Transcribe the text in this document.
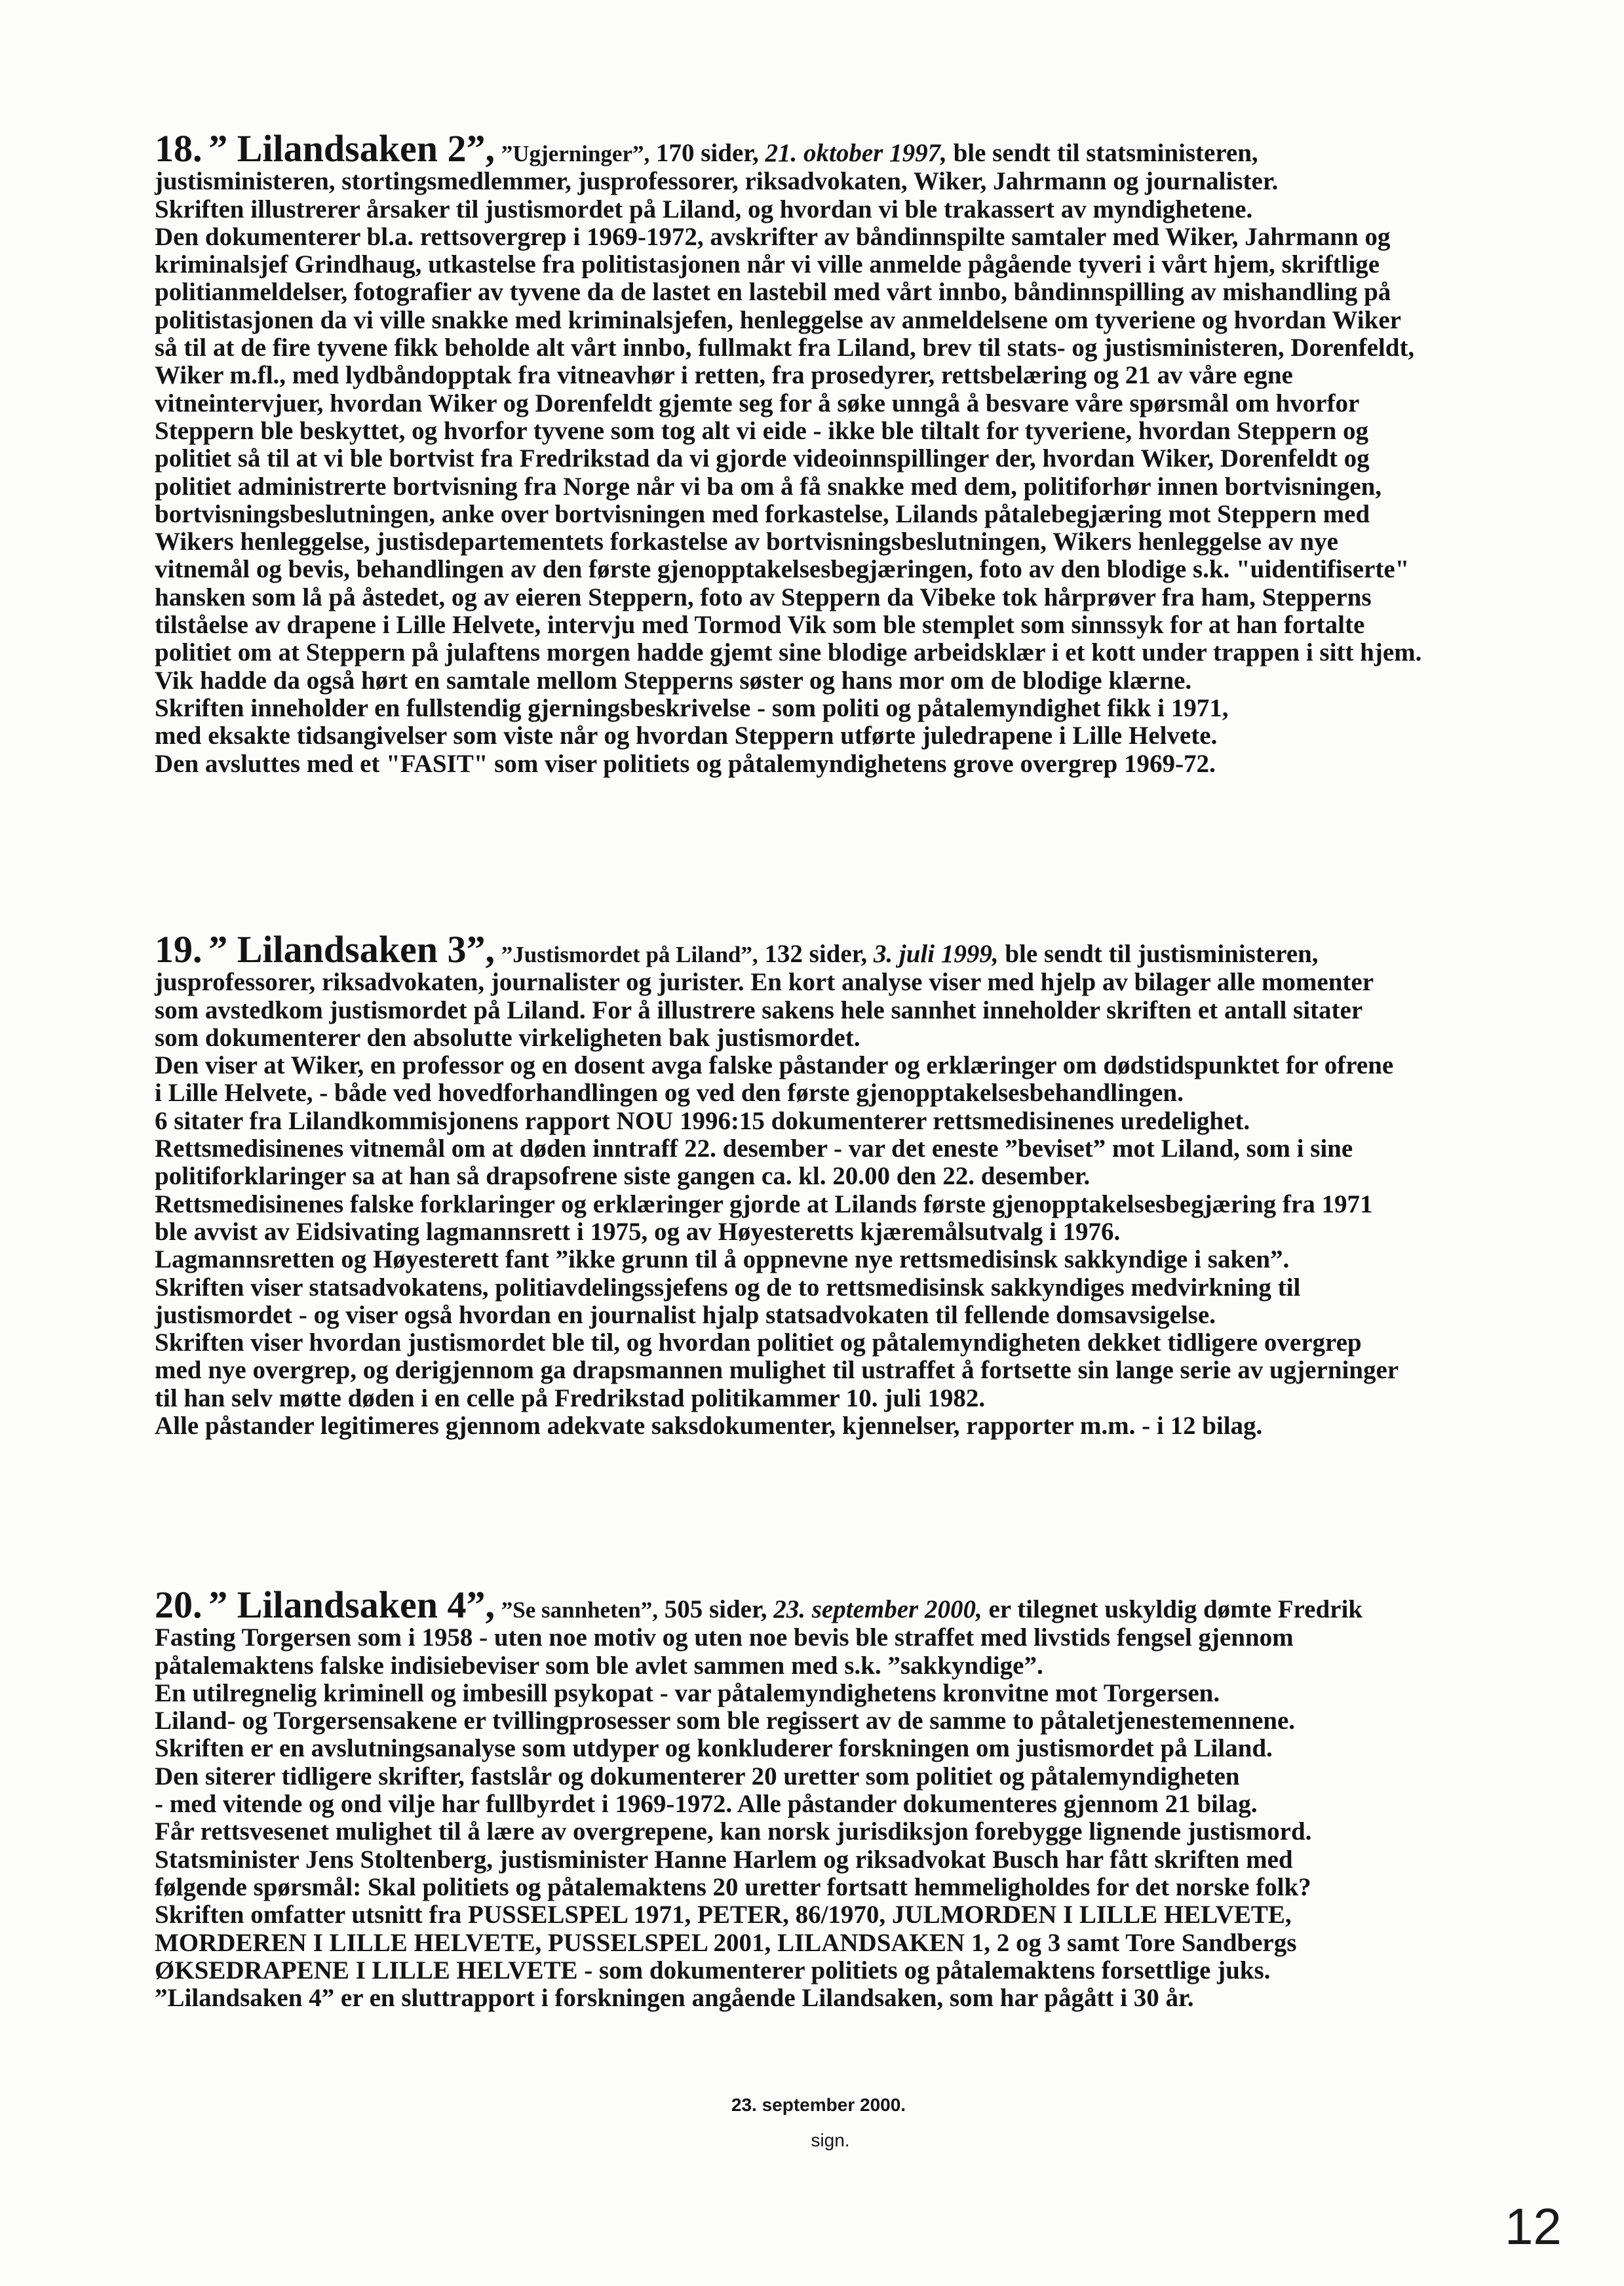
18. ” Lilandsaken 2”, ”Ugjerninger”, 170 sider, 21. oktober 1997, ble sendt til statsministeren,
justisministeren, stortingsmedlemmer, jusprofessorer, riksadvokaten, Wiker, Jahrmann og journalister.
Skriften illustrerer årsaker til justismordet på Liland, og hvordan vi ble trakassert av myndighetene.
Den dokumenterer bl.a. rettsovergrep i 1969-1972, avskrifter av båndinnspilte samtaler med Wiker, Jahrmann og
kriminalsjef Grindhaug, utkastelse fra politistasjonen når vi ville anmelde pågående tyveri i vårt hjem, skriftlige
politianmeldelser, fotografier av tyvene da de lastet en lastebil med vårt innbo, båndinnspilling av mishandling på
politistasjonen da vi ville snakke med kriminalsjefen, henleggelse av anmeldelsene om tyveriene og hvordan Wiker
så til at de fire tyvene fikk beholde alt vårt innbo, fullmakt fra Liland, brev til stats- og justisministeren, Dorenfeldt,
Wiker m.fl., med lydbåndopptak fra vitneavhør i retten, fra prosedyrer, rettsbelæring og 21 av våre egne
vitneintervjuer, hvordan Wiker og Dorenfeldt gjemte seg for å søke unngå å besvare våre spørsmål om hvorfor
Steppern ble beskyttet, og hvorfor tyvene som tog alt vi eide - ikke ble tiltalt for tyveriene, hvordan Steppern og
politiet så til at vi ble bortvist fra Fredrikstad da vi gjorde videoinnspillinger der, hvordan Wiker, Dorenfeldt og
politiet administrerte bortvisning fra Norge når vi ba om å få snakke med dem, politiforhør innen bortvisningen,
bortvisningsbeslutningen, anke over bortvisningen med forkastelse, Lilands påtalebegjæring mot Steppern med
Wikers henleggelse, justisdepartementets forkastelse av bortvisningsbeslutningen, Wikers henleggelse av nye
vitnemål og bevis, behandlingen av den første gjenopptakelsesbegjæringen, foto av den blodige s.k. "uidentifiserte"
hansken som lå på åstedet, og av eieren Steppern, foto av Steppern da Vibeke tok hårprøver fra ham, Stepperns
tilståelse av drapene i Lille Helvete, intervju med Tormod Vik som ble stemplet som sinnssyk for at han fortalte
politiet om at Steppern på julaftens morgen hadde gjemt sine blodige arbeidsklær i et kott under trappen i sitt hjem.
Vik hadde da også hørt en samtale mellom Stepperns søster og hans mor om de blodige klærne.
Skriften inneholder en fullstendig gjerningsbeskrivelse - som politi og påtalemyndighet fikk i 1971,
med eksakte tidsangivelser som viste når og hvordan Steppern utførte juledrapene i Lille Helvete.
Den avsluttes med et "FASIT" som viser politiets og påtalemyndighetens grove overgrep 1969-72.
19. ” Lilandsaken 3”, ”Justismordet på Liland”, 132 sider, 3. juli 1999, ble sendt til justisministeren,
jusprofessorer, riksadvokaten, journalister og jurister. En kort analyse viser med hjelp av bilager alle momenter
som avstedkom justismordet på Liland. For å illustrere sakens hele sannhet inneholder skriften et antall sitater
som dokumenterer den absolutte virkeligheten bak justismordet.
Den viser at Wiker, en professor og en dosent avga falske påstander og erklæringer om dødstidspunktet for ofrene
i Lille Helvete, - både ved hovedforhandlingen og ved den første gjenopptakelsesbehandlingen.
6 sitater fra Lilandkommisjonens rapport NOU 1996:15 dokumenterer rettsmedisinenes uredelighet.
Rettsmedisinenes vitnemål om at døden inntraff 22. desember - var det eneste ”beviset” mot Liland, som i sine
politiforklaringer sa at han så drapsofrene siste gangen ca. kl. 20.00 den 22. desember.
Rettsmedisinenes falske forklaringer og erklæringer gjorde at Lilands første gjenopptakelsesbegjæring fra 1971
ble avvist av Eidsivating lagmannsrett i 1975, og av Høyesteretts kjæremålsutvalg i 1976.
Lagmannsretten og Høyesterett fant ”ikke grunn til å oppnevne nye rettsmedisinsk sakkyndige i saken”.
Skriften viser statsadvokatens, politiavdelingssjefens og de to rettsmedisinsk sakkyndiges medvirkning til
justismordet - og viser også hvordan en journalist hjalp statsadvokaten til fellende domsavsigelse.
Skriften viser hvordan justismordet ble til, og hvordan politiet og påtalemyndigheten dekket tidligere overgrep
med nye overgrep, og derigjennom ga drapsmannen mulighet til ustraffet å fortsette sin lange serie av ugjerninger
til han selv møtte døden i en celle på Fredrikstad politikammer 10. juli 1982.
Alle påstander legitimeres gjennom adekvate saksdokumenter, kjennelser, rapporter m.m. - i 12 bilag.
20. ” Lilandsaken 4”, ”Se sannheten”, 505 sider, 23. september 2000, er tilegnet uskyldig dømte Fredrik
Fasting Torgersen som i 1958 - uten noe motiv og uten noe bevis ble straffet med livstids fengsel gjennom
påtalemaktens falske indisiebeviser som ble avlet sammen med s.k. ”sakkyndige”.
En utilregnelig kriminell og imbesill psykopat - var påtalemyndighetens kronvitne mot Torgersen.
Liland- og Torgersensakene er tvillingprosesser som ble regissert av de samme to påtaletjenestemennene.
Skriften er en avslutningsanalyse som utdyper og konkluderer forskningen om justismordet på Liland.
Den siterer tidligere skrifter, fastslår og dokumenterer 20 uretter som politiet og påtalemyndigheten
- med vitende og ond vilje har fullbyrdet i 1969-1972. Alle påstander dokumenteres gjennom 21 bilag.
Får rettsvesenet mulighet til å lære av overgrepene, kan norsk jurisdiksjon forebygge lignende justismord.
Statsminister Jens Stoltenberg, justisminister Hanne Harlem og riksadvokat Busch har fått skriften med
følgende spørsmål: Skal politiets og påtalemaktens 20 uretter fortsatt hemmeligholdes for det norske folk?
Skriften omfatter utsnitt fra PUSSELSPEL 1971, PETER, 86/1970, JULMORDEN I LILLE HELVETE,
MORDEREN I LILLE HELVETE, PUSSELSPEL 2001, LILANDSAKEN 1, 2 og 3 samt Tore Sandbergs
ØKSEDRAPENE I LILLE HELVETE - som dokumenterer politiets og påtalemaktens forsettlige juks.
”Lilandsaken 4” er en sluttrapport i forskningen angående Lilandsaken, som har pågått i 30 år.
23. september 2000.
sign.
12
